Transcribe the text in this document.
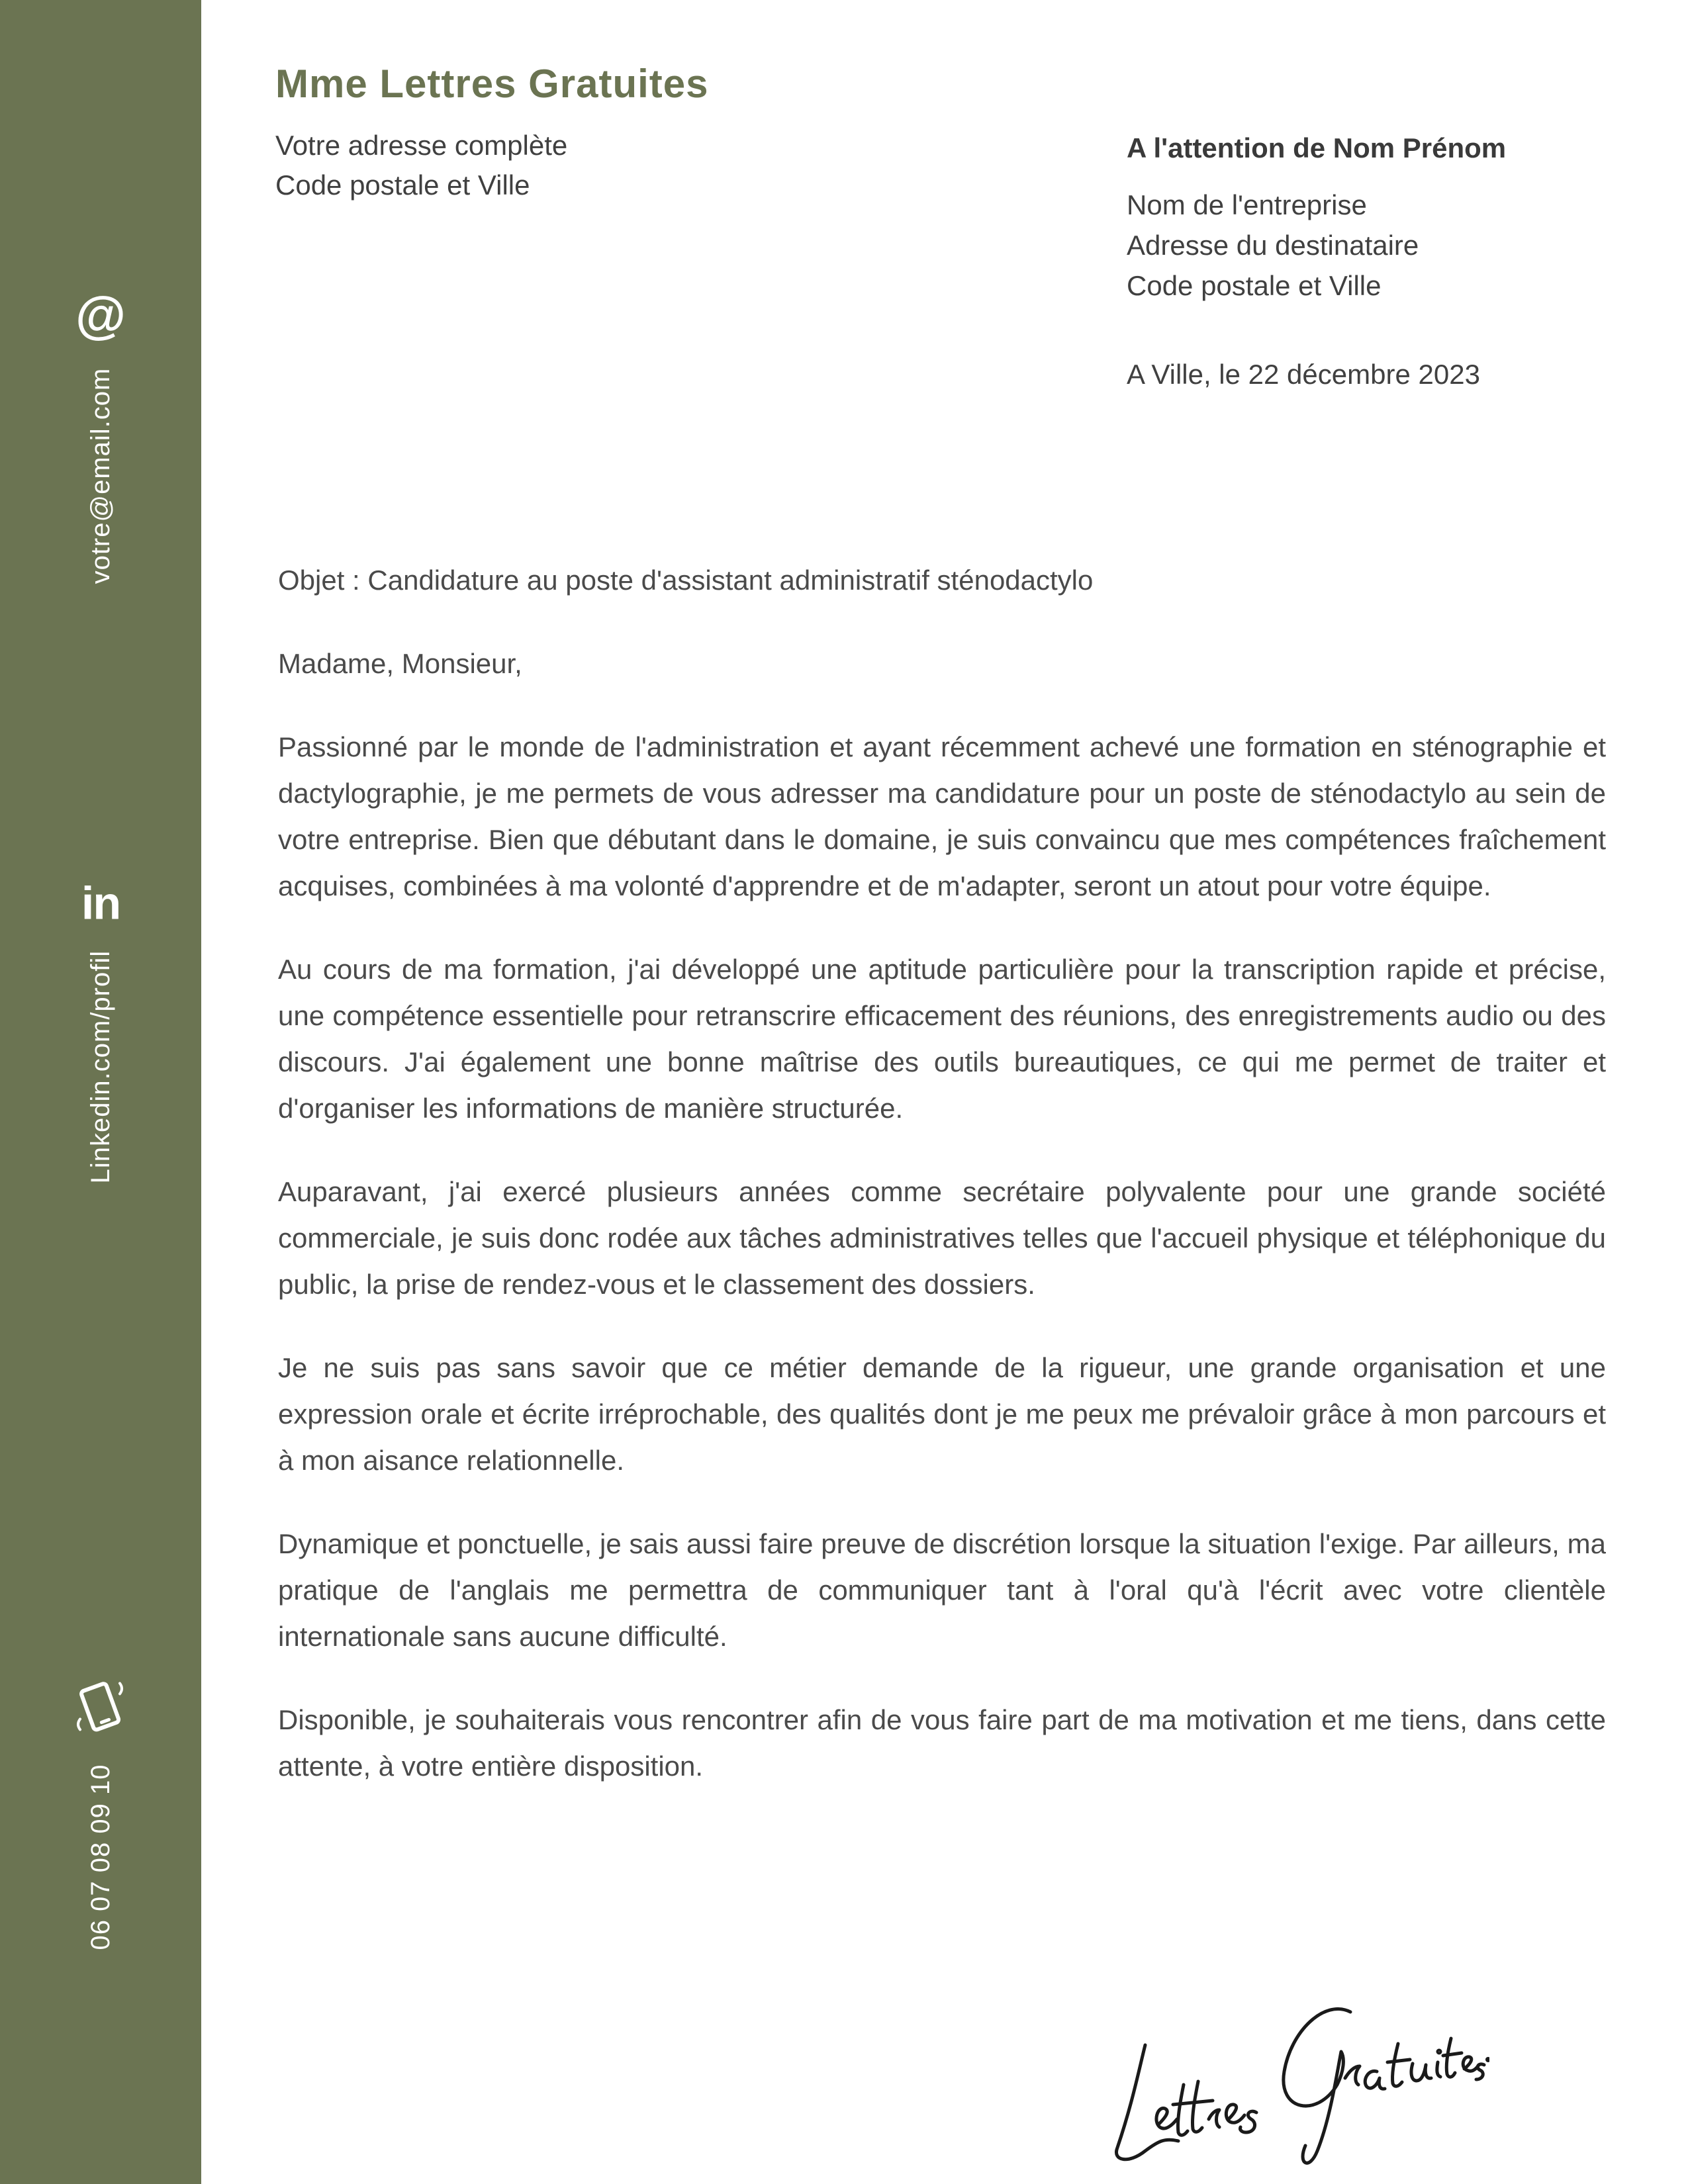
votre@email.com
@
Linkedin.com/profil
in
06 07 08 09 10
Mme Lettres Gratuites
Votre adresse complète
Code postale et Ville
A l'attention de Nom Prénom
Nom de l'entreprise
Adresse du destinataire
Code postale et Ville
A Ville, le 22 décembre 2023

Objet : Candidature au poste d'assistant administratif sténodactylo

Madame, Monsieur,

Passionné par le monde de l'administration et ayant récemment achevé une formation en sténographie et dactylographie, je me permets de vous adresser ma candidature pour un poste de sténodactylo au sein de votre entreprise. Bien que débutant dans le domaine, je suis convaincu que mes compétences fraîchement acquises, combinées à ma volonté d'apprendre et de m'adapter, seront un atout pour votre équipe.

Au cours de ma formation, j'ai développé une aptitude particulière pour la transcription rapide et précise, une compétence essentielle pour retranscrire efficacement des réunions, des enregistrements audio ou des discours. J'ai également une bonne maîtrise des outils bureautiques, ce qui me permet de traiter et d'organiser les informations de manière structurée.

Auparavant, j'ai exercé plusieurs années comme secrétaire polyvalente pour une grande société commerciale, je suis donc rodée aux tâches administratives telles que l'accueil physique et téléphonique du public, la prise de rendez-vous et le classement des dossiers.

Je ne suis pas sans savoir que ce métier demande de la rigueur, une grande organisation et une expression orale et écrite irréprochable, des qualités dont je me peux me prévaloir grâce à mon parcours et à mon aisance relationnelle.

Dynamique et ponctuelle, je sais aussi faire preuve de discrétion lorsque la situation l'exige. Par ailleurs, ma pratique de l'anglais me permettra de communiquer tant à l'oral qu'à l'écrit avec votre clientèle internationale sans aucune difficulté.

Disponible, je souhaiterais vous rencontrer afin de vous faire part de ma motivation et me tiens, dans cette attente, à votre entière disposition.
